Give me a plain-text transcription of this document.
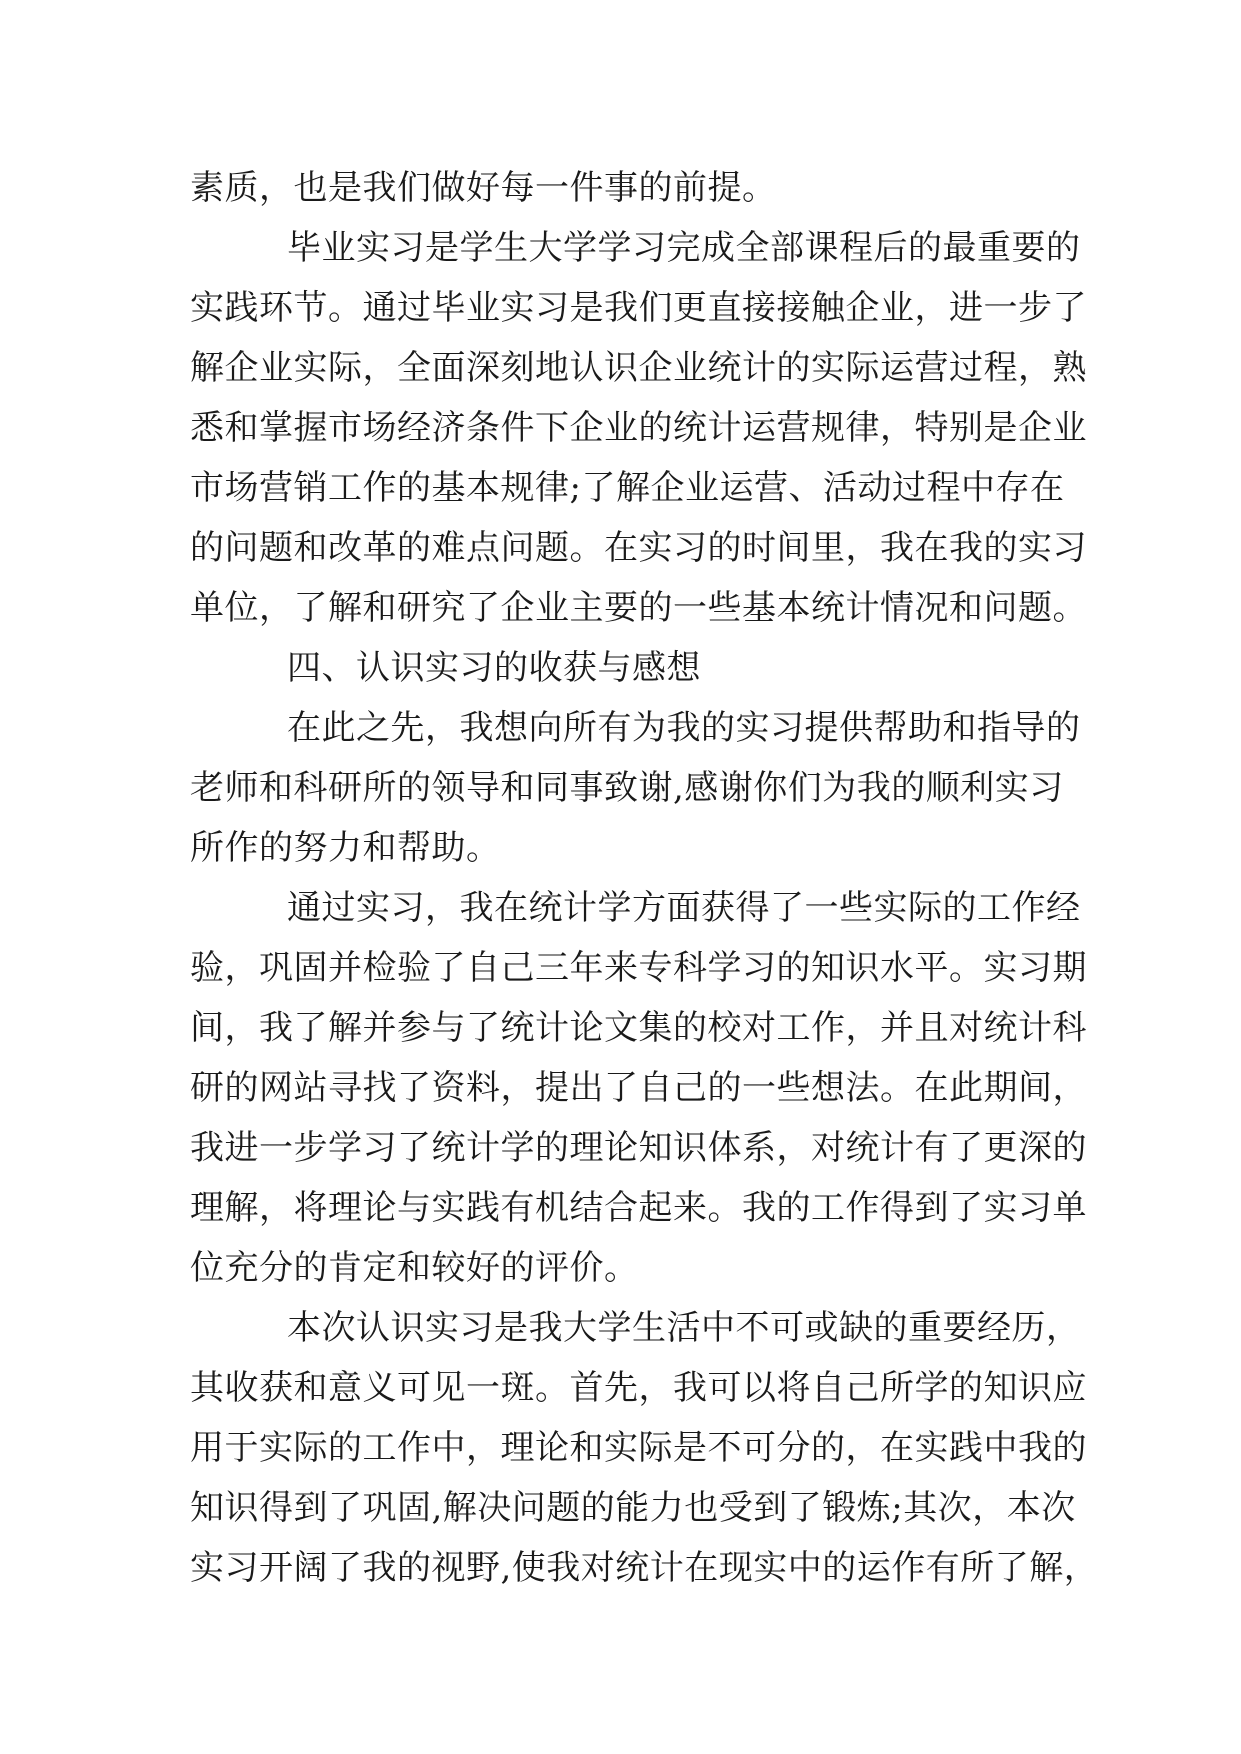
素质，也是我们做好每一件事的前提。
毕业实习是学生大学学习完成全部课程后的最重要的
实践环节。通过毕业实习是我们更直接接触企业，进一步了
解企业实际，全面深刻地认识企业统计的实际运营过程，熟
悉和掌握市场经济条件下企业的统计运营规律，特别是企业
市场营销工作的基本规律;了解企业运营、活动过程中存在
的问题和改革的难点问题。在实习的时间里，我在我的实习
单位，了解和研究了企业主要的一些基本统计情况和问题。
四、认识实习的收获与感想
在此之先，我想向所有为我的实习提供帮助和指导的
老师和科研所的领导和同事致谢,感谢你们为我的顺利实习
所作的努力和帮助。
通过实习，我在统计学方面获得了一些实际的工作经
验，巩固并检验了自己三年来专科学习的知识水平。实习期
间，我了解并参与了统计论文集的校对工作，并且对统计科
研的网站寻找了资料，提出了自己的一些想法。在此期间，
我进一步学习了统计学的理论知识体系，对统计有了更深的
理解，将理论与实践有机结合起来。我的工作得到了实习单
位充分的肯定和较好的评价。
本次认识实习是我大学生活中不可或缺的重要经历，
其收获和意义可见一斑。首先，我可以将自己所学的知识应
用于实际的工作中，理论和实际是不可分的，在实践中我的
知识得到了巩固,解决问题的能力也受到了锻炼;其次，本次
实习开阔了我的视野,使我对统计在现实中的运作有所了解，
